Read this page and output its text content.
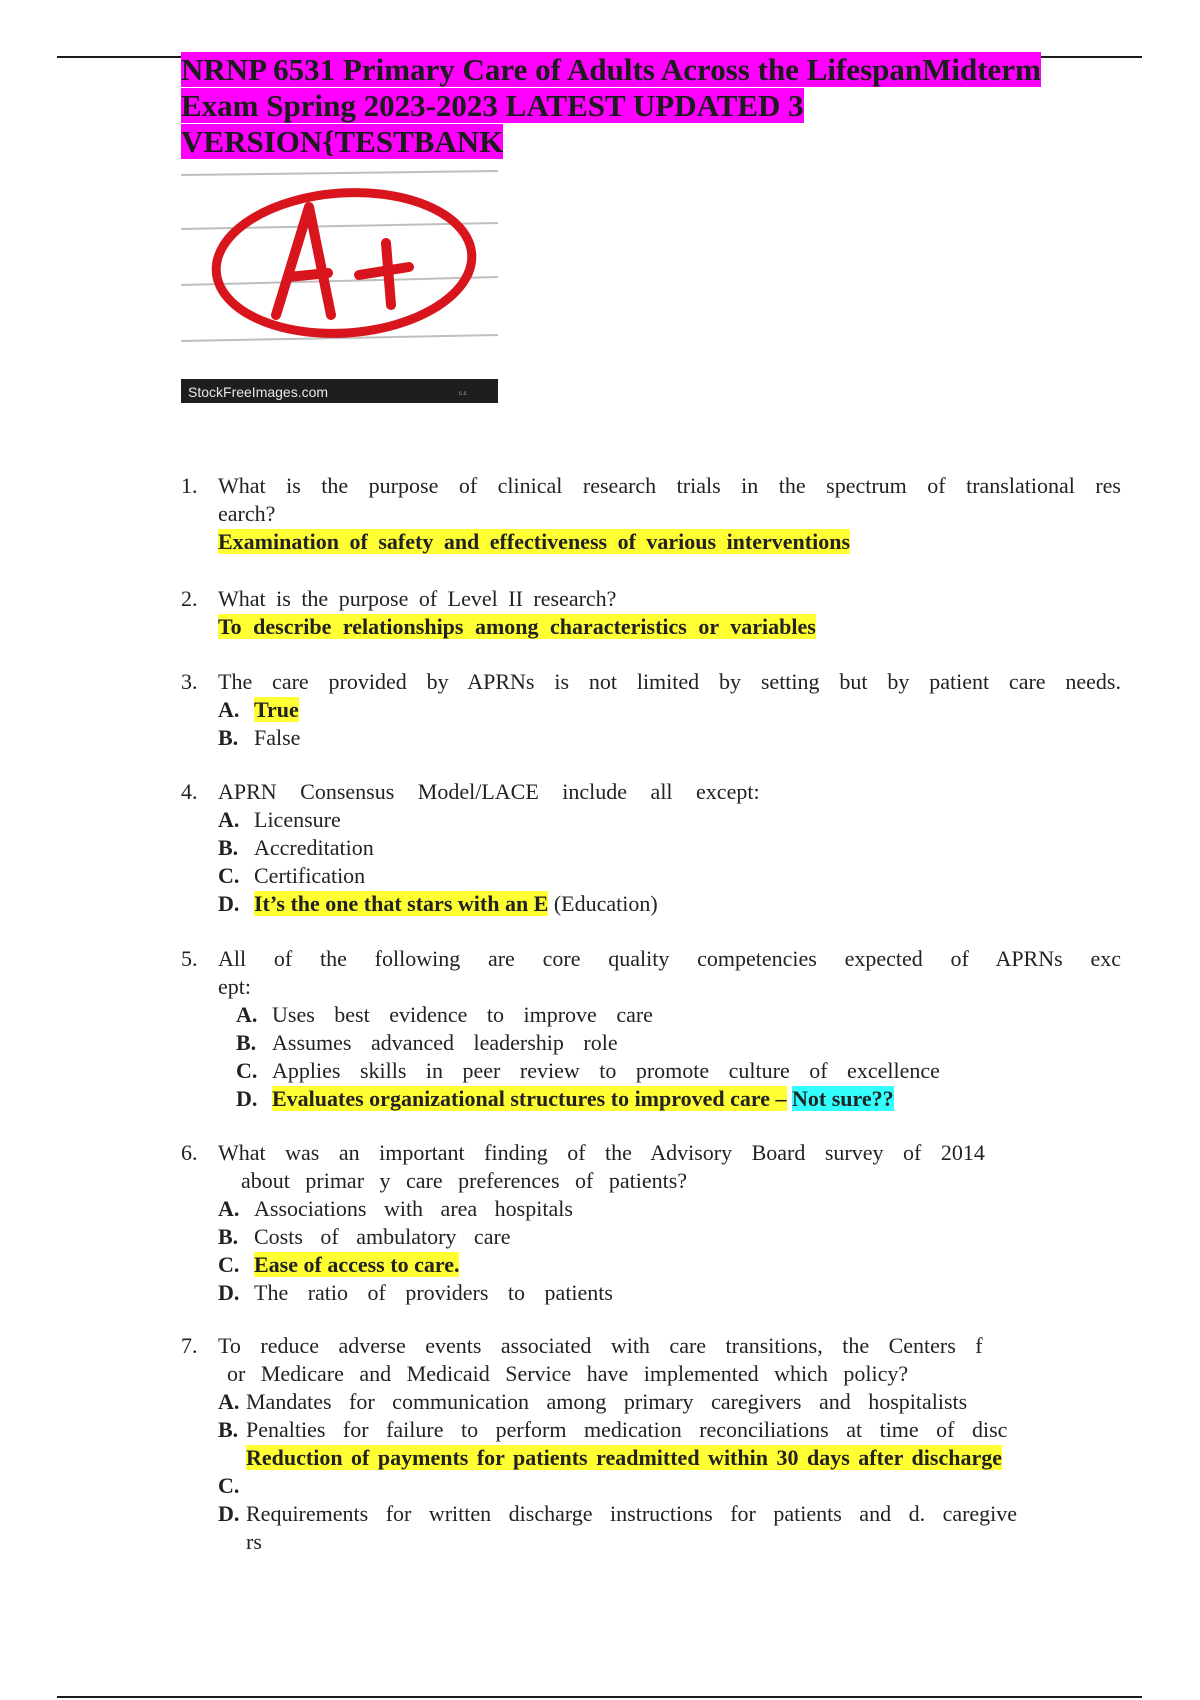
NRNP 6531 Primary Care of Adults Across the LifespanMidterm
Exam Spring 2023-2023 LATEST UPDATED 3
VERSION{TESTBANK
StockFreeImages.com	c.c
1. What is the purpose of clinical research trials in the spectrum of translational res
earch?
Examination of safety and effectiveness of various interventions
2. What is the purpose of Level II research?
To describe relationships among characteristics or variables
3. The care provided by APRNs is not limited by setting but by patient care needs.
A. True
B. False
4. APRN Consensus Model/LACE include all except:
A. Licensure
B. Accreditation
C. Certification
D. It’s the one that stars with an E (Education)
5. All of the following are core quality competencies expected of APRNs exc
ept:
A. Uses best evidence to improve care
B. Assumes advanced leadership role
C. Applies skills in peer review to promote culture of excellence
D. Evaluates organizational structures to improved care – Not sure??
6. What was an important finding of the Advisory Board survey of 2014
about primar y care preferences of patients?
A. Associations with area hospitals
B. Costs of ambulatory care
C. Ease of access to care.
D. The ratio of providers to patients
7. To reduce adverse events associated with care transitions, the Centers f
or Medicare and Medicaid Service have implemented which policy?
A. Mandates for communication among primary caregivers and hospitalists
B. Penalties for failure to perform medication reconciliations at time of disc
Reduction of payments for patients readmitted within 30 days after discharge
C.
D. Requirements for written discharge instructions for patients and d. caregive
rs
